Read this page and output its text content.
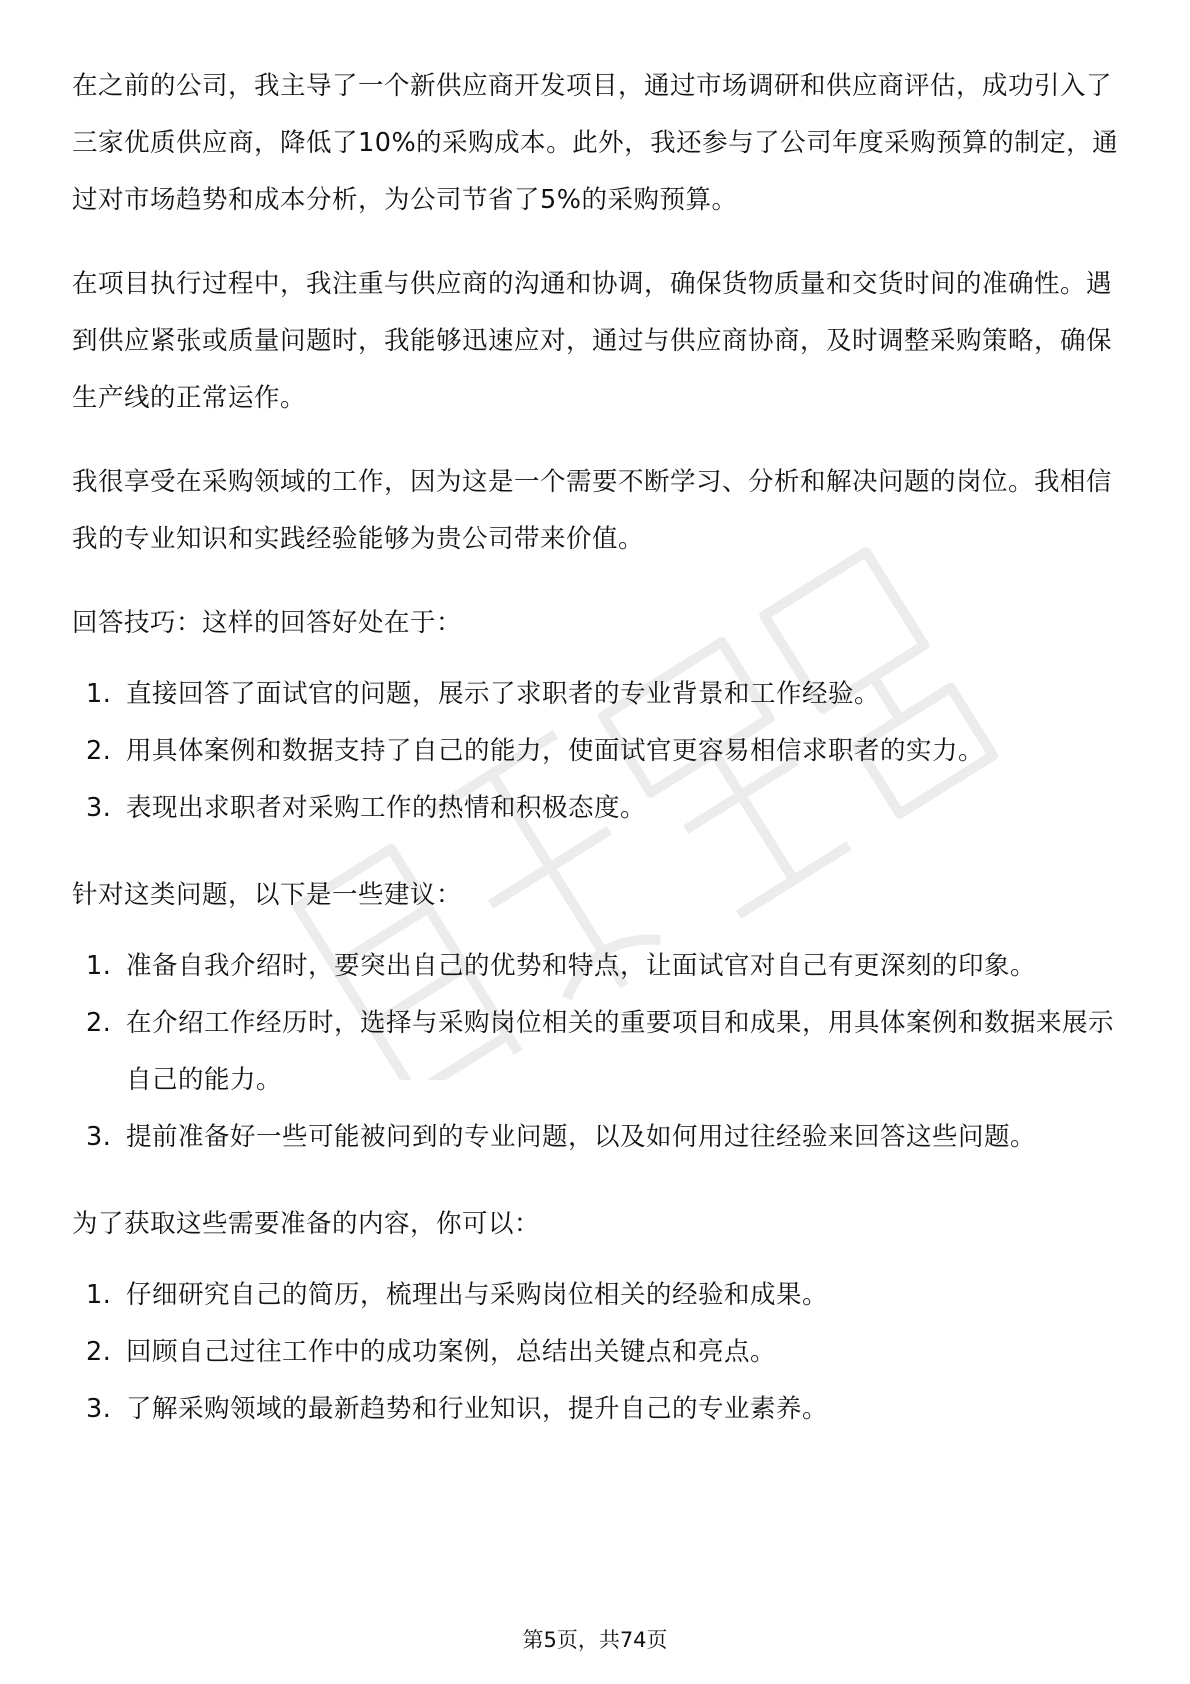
在之前的公司，我主导了一个新供应商开发项目，通过市场调研和供应商评估，成功引入了三家优质供应商，降低了10%的采购成本。此外，我还参与了公司年度采购预算的制定，通过对市场趋势和成本分析，为公司节省了5%的采购预算。

在项目执行过程中，我注重与供应商的沟通和协调，确保货物质量和交货时间的准确性。遇到供应紧张或质量问题时，我能够迅速应对，通过与供应商协商，及时调整采购策略，确保生产线的正常运作。

我很享受在采购领域的工作，因为这是一个需要不断学习、分析和解决问题的岗位。我相信我的专业知识和实践经验能够为贵公司带来价值。

回答技巧：这样的回答好处在于：

1. 直接回答了面试官的问题，展示了求职者的专业背景和工作经验。
2. 用具体案例和数据支持了自己的能力，使面试官更容易相信求职者的实力。
3. 表现出求职者对采购工作的热情和积极态度。

针对这类问题，以下是一些建议：

1. 准备自我介绍时，要突出自己的优势和特点，让面试官对自己有更深刻的印象。
2. 在介绍工作经历时，选择与采购岗位相关的重要项目和成果，用具体案例和数据来展示自己的能力。
3. 提前准备好一些可能被问到的专业问题，以及如何用过往经验来回答这些问题。

为了获取这些需要准备的内容，你可以：

1. 仔细研究自己的简历，梳理出与采购岗位相关的经验和成果。
2. 回顾自己过往工作中的成功案例，总结出关键点和亮点。
3. 了解采购领域的最新趋势和行业知识，提升自己的专业素养。
第5页，共74页
